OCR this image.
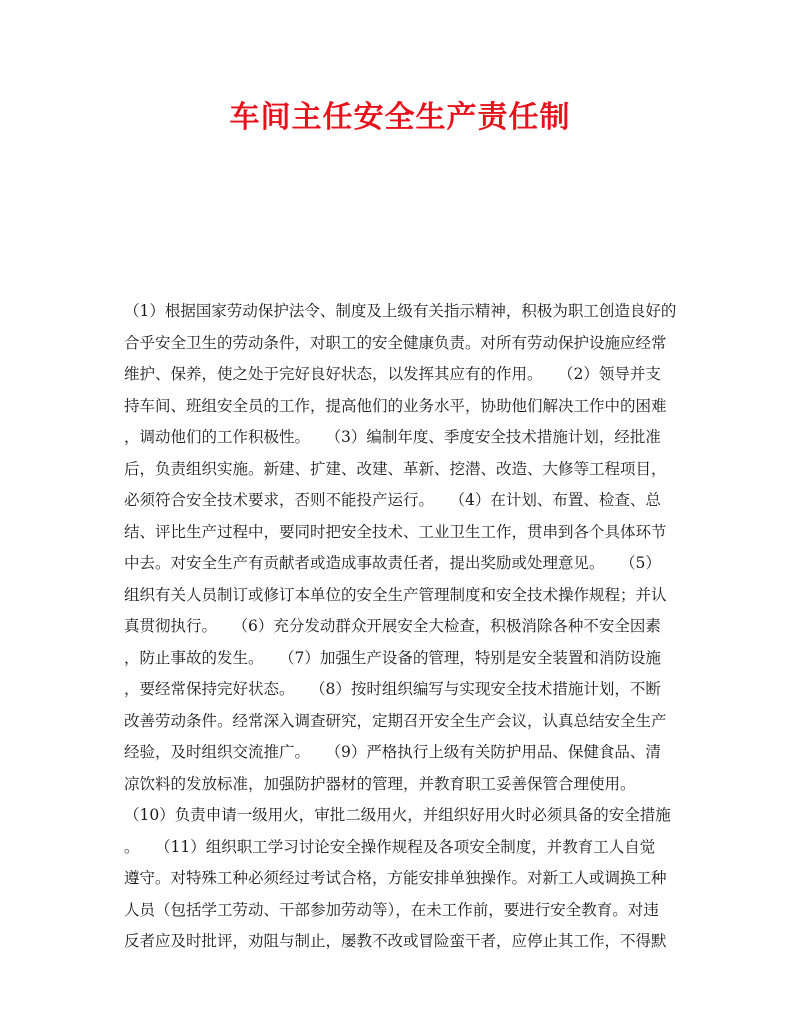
车间主任安全生产责任制
（1）根据国家劳动保护法令、制度及上级有关指示精神，积极为职工创造良好的
合乎安全卫生的劳动条件，对职工的安全健康负责。对所有劳动保护设施应经常
维护、保养，使之处于完好良好状态，以发挥其应有的作用。　　（2）领导并支
持车间、班组安全员的工作，提高他们的业务水平，协助他们解决工作中的困难
，调动他们的工作积极性。　　（3）编制年度、季度安全技术措施计划，经批准
后，负责组织实施。新建、扩建、改建、革新、挖潜、改造、大修等工程项目，
必须符合安全技术要求，否则不能投产运行。　　（4）在计划、布置、检查、总
结、评比生产过程中，要同时把安全技术、工业卫生工作，贯串到各个具体环节
中去。对安全生产有贡献者或造成事故责任者，提出奖励或处理意见。　　（5）
组织有关人员制订或修订本单位的安全生产管理制度和安全技术操作规程；并认
真贯彻执行。　　（6）充分发动群众开展安全大检查，积极消除各种不安全因素
，防止事故的发生。　　（7）加强生产设备的管理，特别是安全装置和消防设施
，要经常保持完好状态。　　（8）按时组织编写与实现安全技术措施计划，不断
改善劳动条件。经常深入调查研究，定期召开安全生产会议，认真总结安全生产
经验，及时组织交流推广。　　（9）严格执行上级有关防护用品、保健食品、清
凉饮料的发放标准，加强防护器材的管理，并教育职工妥善保管合理使用。
（10）负责申请一级用火，审批二级用火，并组织好用火时必须具备的安全措施
。　　（11）组织职工学习讨论安全操作规程及各项安全制度，并教育工人自觉
遵守。对特殊工种必须经过考试合格，方能安排单独操作。对新工人或调换工种
人员（包括学工劳动、干部参加劳动等），在未工作前，要进行安全教育。对违
反者应及时批评，劝阻与制止，屡教不改或冒险蛮干者，应停止其工作，不得默
